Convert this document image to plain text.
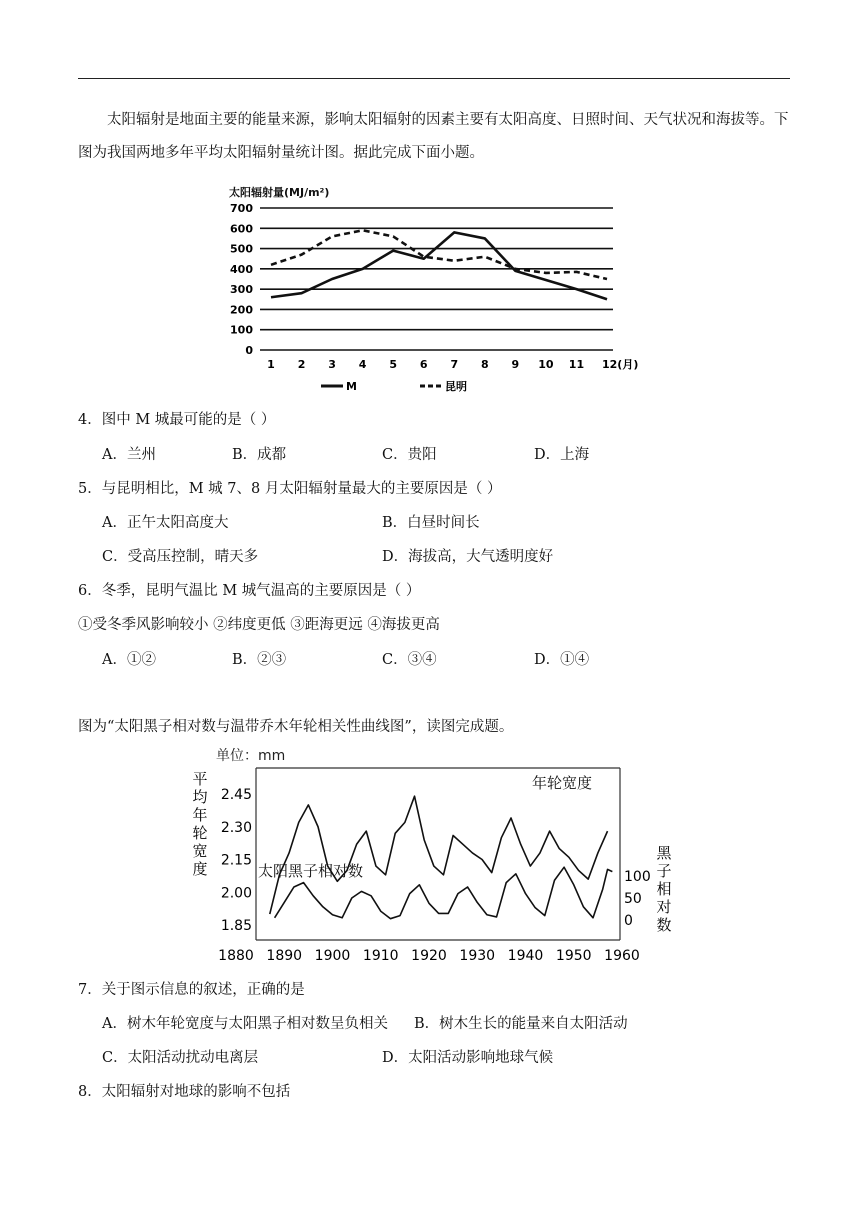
太阳辐射是地面主要的能量来源，影响太阳辐射的因素主要有太阳高度、日照时间、天气状况和海拔等。下图为我国两地多年平均太阳辐射量统计图。据此完成下面小题。

0
100
200
300
400
500
600
700
1 2 3 4 5 6 7 8 9 10 11 12(月)
太阳辐射量(MJ/m²)
M	昆明
4．图中 M 城最可能的是（ ）
A．兰州	B．成都	C．贵阳	D．上海
5．与昆明相比，M 城 7、8 月太阳辐射量最大的主要原因是（ ）
A．正午太阳高度大	B．白昼时间长
C．受高压控制，晴天多	D．海拔高，大气透明度好
6．冬季，昆明气温比 M 城气温高的主要原因是（ ）
①受冬季风影响较小 ②纬度更低 ③距海更远 ④海拔更高
A．①②	B．②③	C．③④	D．①④
图为“太阳黑子相对数与温带乔木年轮相关性曲线图”，读图完成题。
2.45
2.30
2.15
2.00
1.85
100
50
0
1880 1890 1900 1910 1920 1930 1940 1950 1960
平
均
年
轮
宽
度
黑
子
相
对
数
单位：mm
年轮宽度
太阳黑子相对数
7．关于图示信息的叙述，正确的是
A．树木年轮宽度与太阳黑子相对数呈负相关 B．树木生长的能量来自太阳活动
C．太阳活动扰动电离层	D．太阳活动影响地球气候
8．太阳辐射对地球的影响不包括
